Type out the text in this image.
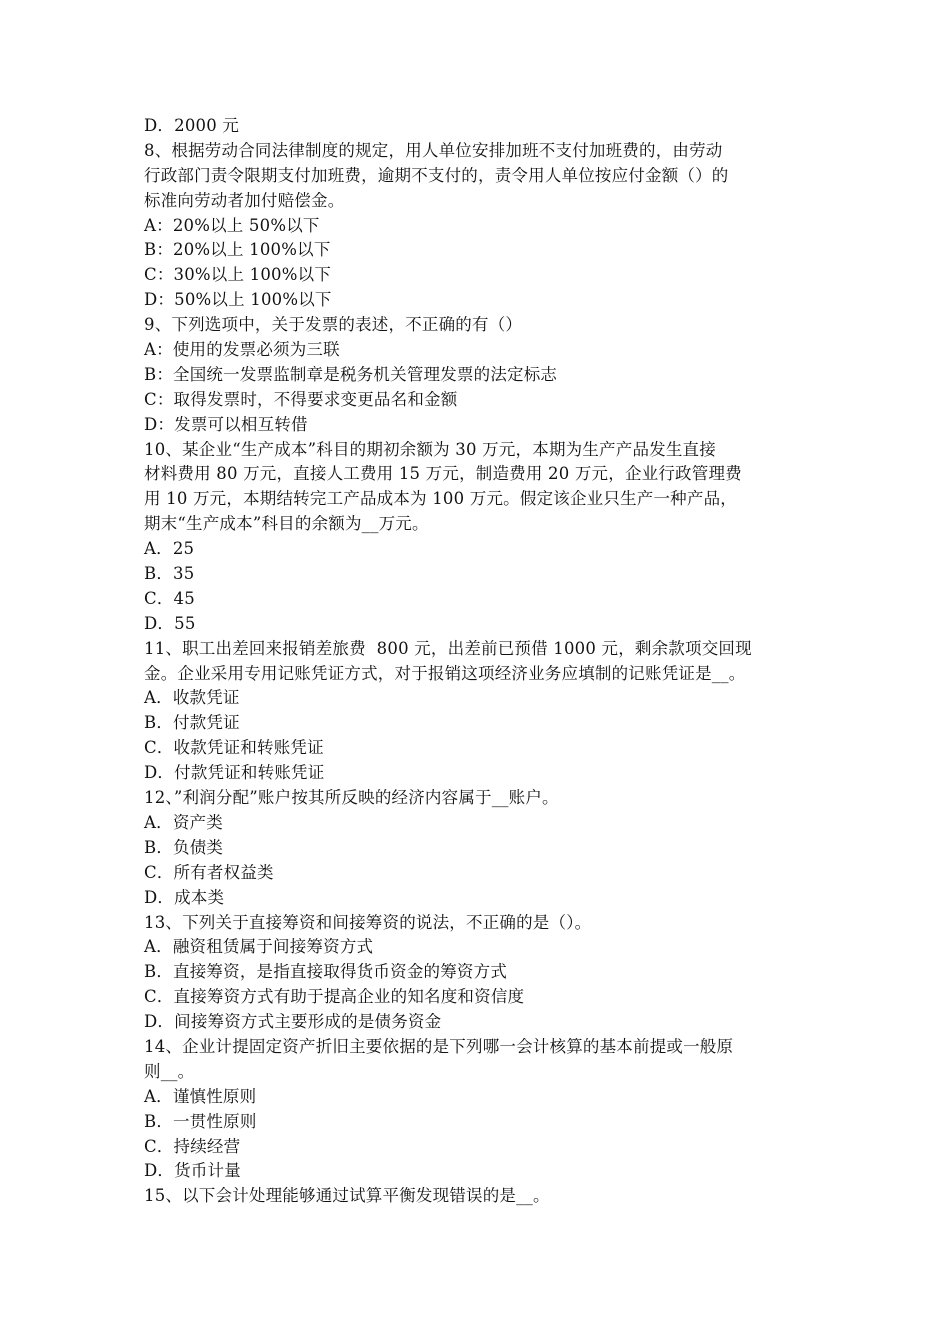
D．2000 元
8、根据劳动合同法律制度的规定，用人单位安排加班不支付加班费的，由劳动
行政部门责令限期支付加班费，逾期不支付的，责令用人单位按应付金额（）的
标准向劳动者加付赔偿金。
A：20%以上 50%以下
B：20%以上 100%以下
C：30%以上 100%以下
D：50%以上 100%以下
9、下列选项中，关于发票的表述，不正确的有（）
A：使用的发票必须为三联
B：全国统一发票监制章是税务机关管理发票的法定标志
C：取得发票时，不得要求变更品名和金额
D：发票可以相互转借
10、某企业“生产成本”科目的期初余额为 30 万元，本期为生产产品发生直接
材料费用 80 万元，直接人工费用 15 万元，制造费用 20 万元，企业行政管理费
用 10 万元，本期结转完工产品成本为 100 万元。假定该企业只生产一种产品，
期末“生产成本”科目的余额为__万元。
A．25
B．35
C．45
D．55
11、职工出差回来报销差旅费  800 元，出差前已预借 1000 元，剩余款项交回现
金。企业采用专用记账凭证方式，对于报销这项经济业务应填制的记账凭证是__。
A．收款凭证
B．付款凭证
C．收款凭证和转账凭证
D．付款凭证和转账凭证
12、”利润分配”账户按其所反映的经济内容属于__账户。
A．资产类
B．负债类
C．所有者权益类
D．成本类
13、下列关于直接筹资和间接筹资的说法，不正确的是（）。
A．融资租赁属于间接筹资方式
B．直接筹资，是指直接取得货币资金的筹资方式
C．直接筹资方式有助于提高企业的知名度和资信度
D．间接筹资方式主要形成的是债务资金
14、企业计提固定资产折旧主要依据的是下列哪一会计核算的基本前提或一般原
则__。
A．谨慎性原则
B．一贯性原则
C．持续经营
D．货币计量
15、以下会计处理能够通过试算平衡发现错误的是__。
